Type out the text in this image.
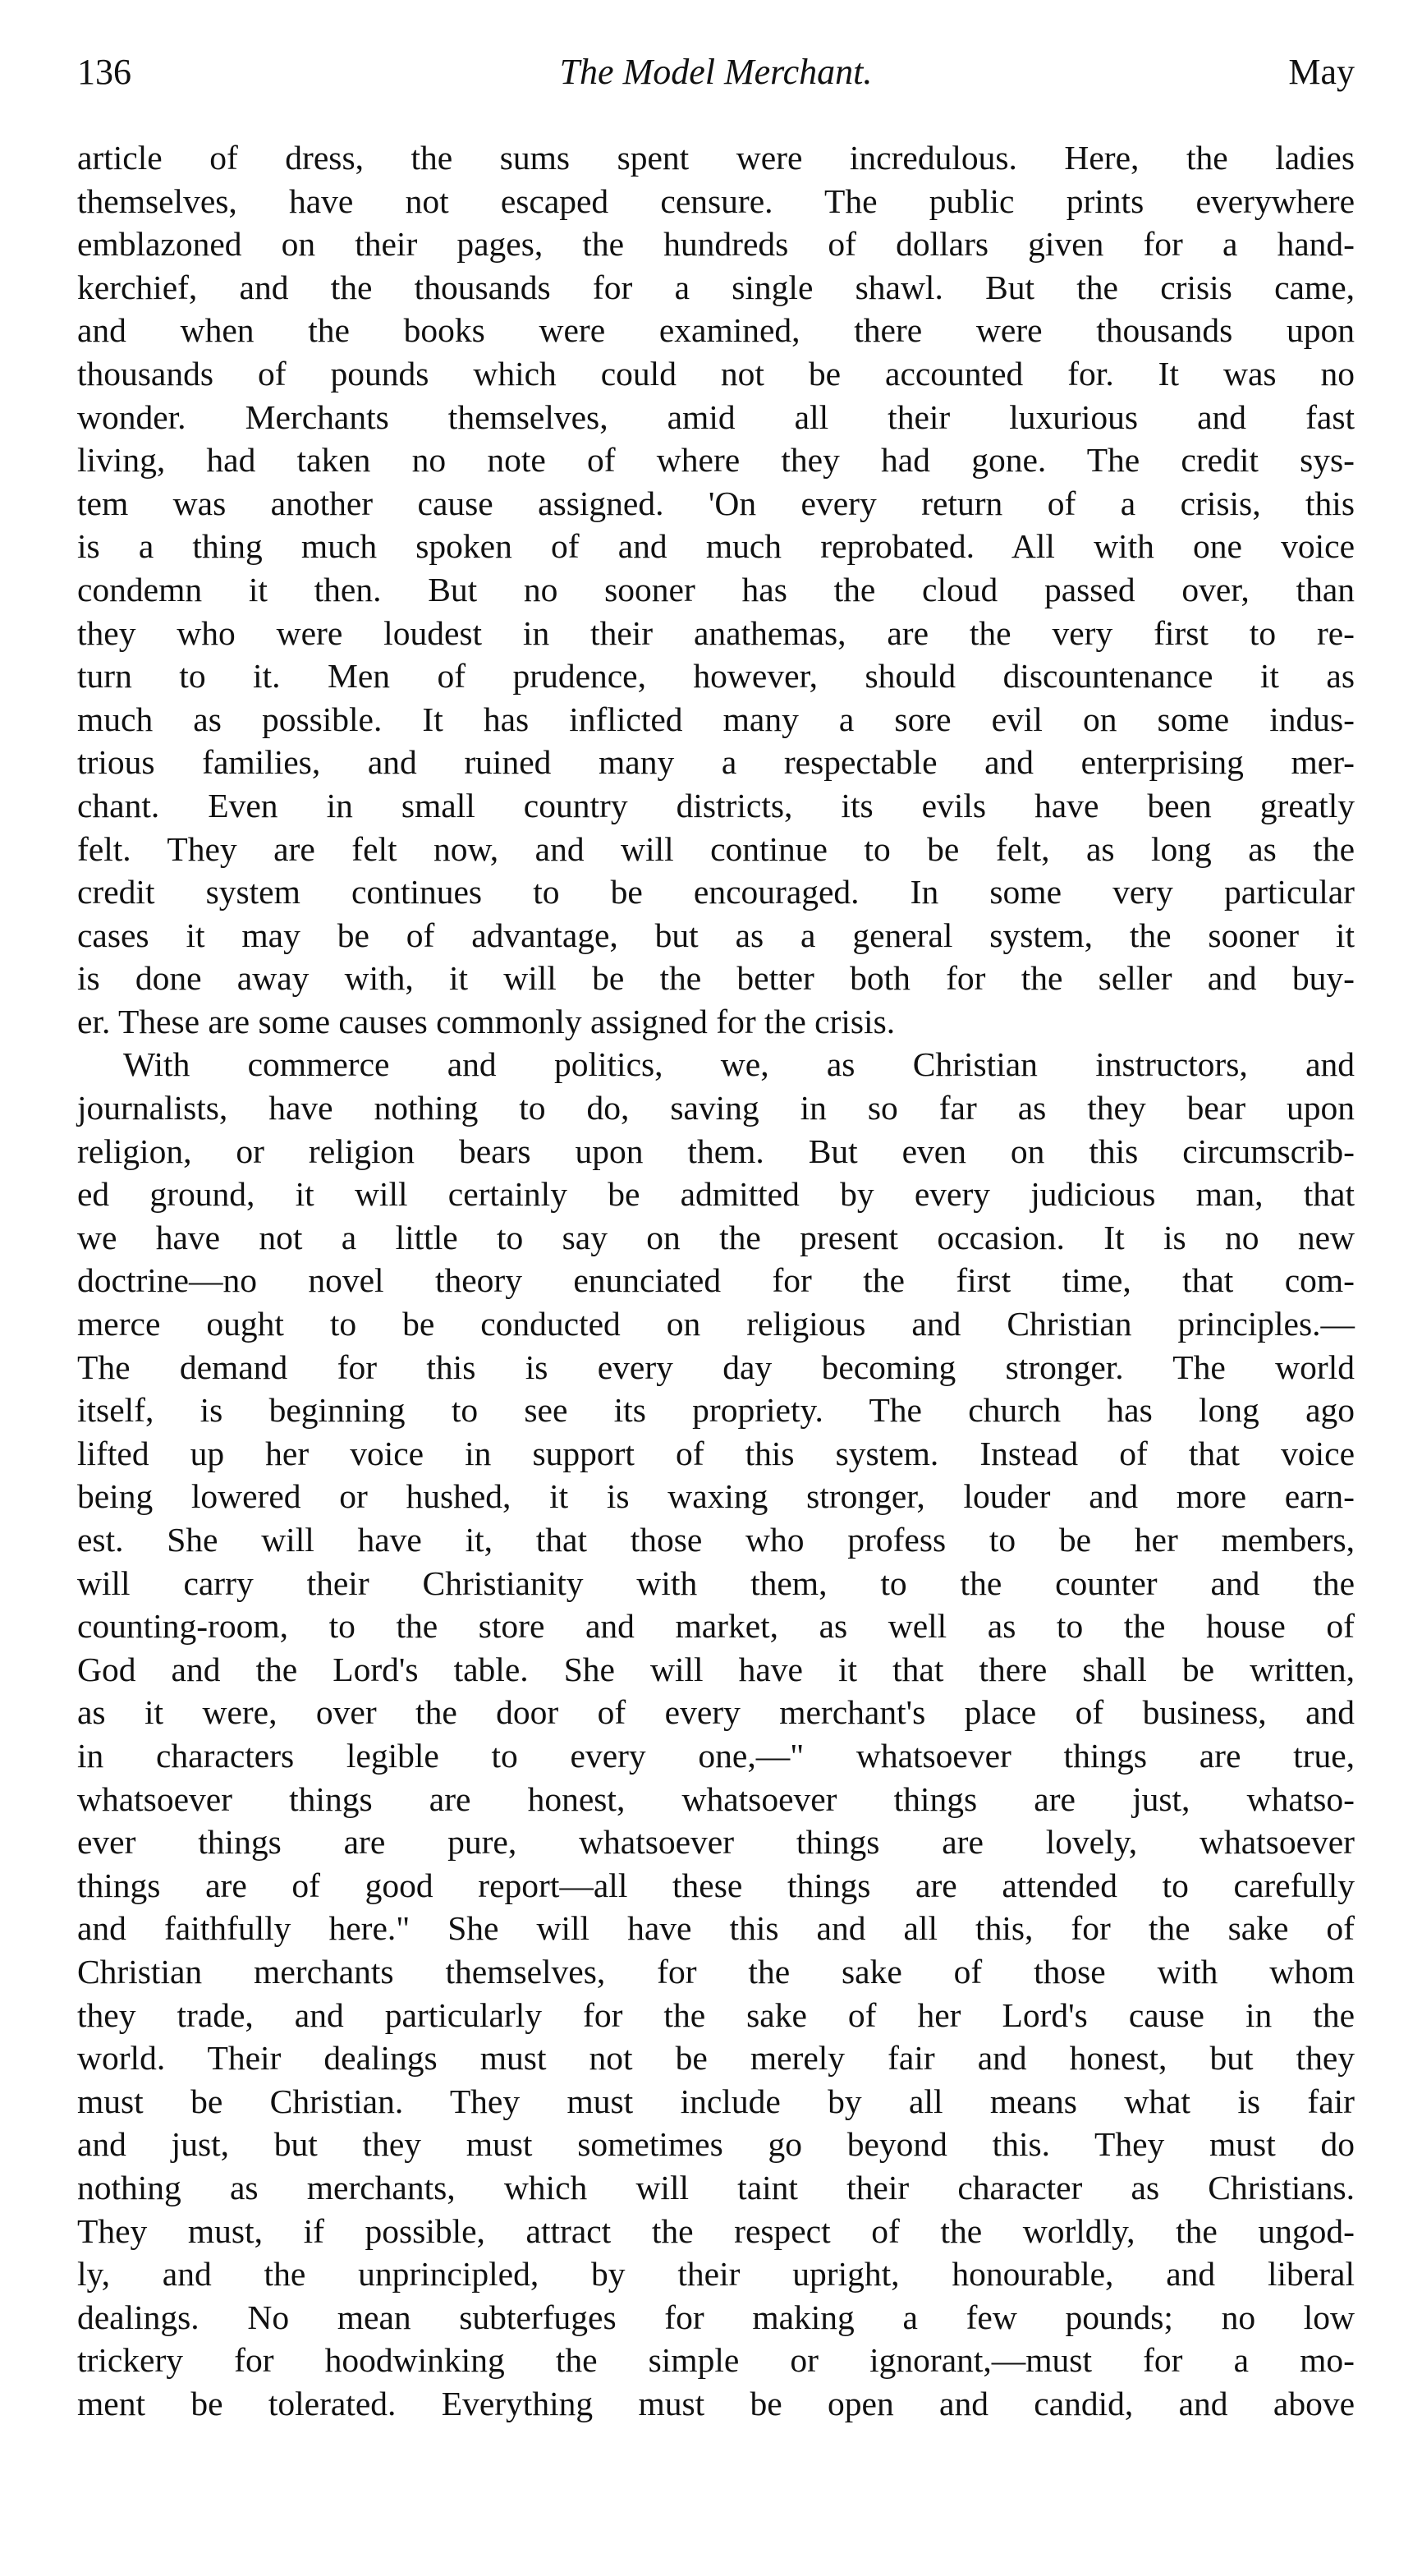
136	The Model Merchant.	May
article of dress, the sums spent were incredulous. Here, the ladies
themselves, have not escaped censure. The public prints everywhere
emblazoned on their pages, the hundreds of dollars given for a hand-
kerchief, and the thousands for a single shawl. But the crisis came,
and when the books were examined, there were thousands upon
thousands of pounds which could not be accounted for. It was no
wonder. Merchants themselves, amid all their luxurious and fast
living, had taken no note of where they had gone. The credit sys-
tem was another cause assigned. 'On every return of a crisis, this
is a thing much spoken of and much reprobated. All with one voice
condemn it then. But no sooner has the cloud passed over, than
they who were loudest in their anathemas, are the very first to re-
turn to it. Men of prudence, however, should discountenance it as
much as possible. It has inflicted many a sore evil on some indus-
trious families, and ruined many a respectable and enterprising mer-
chant. Even in small country districts, its evils have been greatly
felt. They are felt now, and will continue to be felt, as long as the
credit system continues to be encouraged. In some very particular
cases it may be of advantage, but as a general system, the sooner it
is done away with, it will be the better both for the seller and buy-
er. These are some causes commonly assigned for the crisis.
With commerce and politics, we, as Christian instructors, and
journalists, have nothing to do, saving in so far as they bear upon
religion, or religion bears upon them. But even on this circumscrib-
ed ground, it will certainly be admitted by every judicious man, that
we have not a little to say on the present occasion. It is no new
doctrine—no novel theory enunciated for the first time, that com-
merce ought to be conducted on religious and Christian principles.—
The demand for this is every day becoming stronger. The world
itself, is beginning to see its propriety. The church has long ago
lifted up her voice in support of this system. Instead of that voice
being lowered or hushed, it is waxing stronger, louder and more earn-
est. She will have it, that those who profess to be her members,
will carry their Christianity with them, to the counter and the
counting-room, to the store and market, as well as to the house of
God and the Lord's table. She will have it that there shall be written,
as it were, over the door of every merchant's place of business, and
in characters legible to every one,—" whatsoever things are true,
whatsoever things are honest, whatsoever things are just, whatso-
ever things are pure, whatsoever things are lovely, whatsoever
things are of good report—all these things are attended to carefully
and faithfully here." She will have this and all this, for the sake of
Christian merchants themselves, for the sake of those with whom
they trade, and particularly for the sake of her Lord's cause in the
world. Their dealings must not be merely fair and honest, but they
must be Christian. They must include by all means what is fair
and just, but they must sometimes go beyond this. They must do
nothing as merchants, which will taint their character as Christians.
They must, if possible, attract the respect of the worldly, the ungod-
ly, and the unprincipled, by their upright, honourable, and liberal
dealings. No mean subterfuges for making a few pounds; no low
trickery for hoodwinking the simple or ignorant,—must for a mo-
ment be tolerated. Everything must be open and candid, and above
